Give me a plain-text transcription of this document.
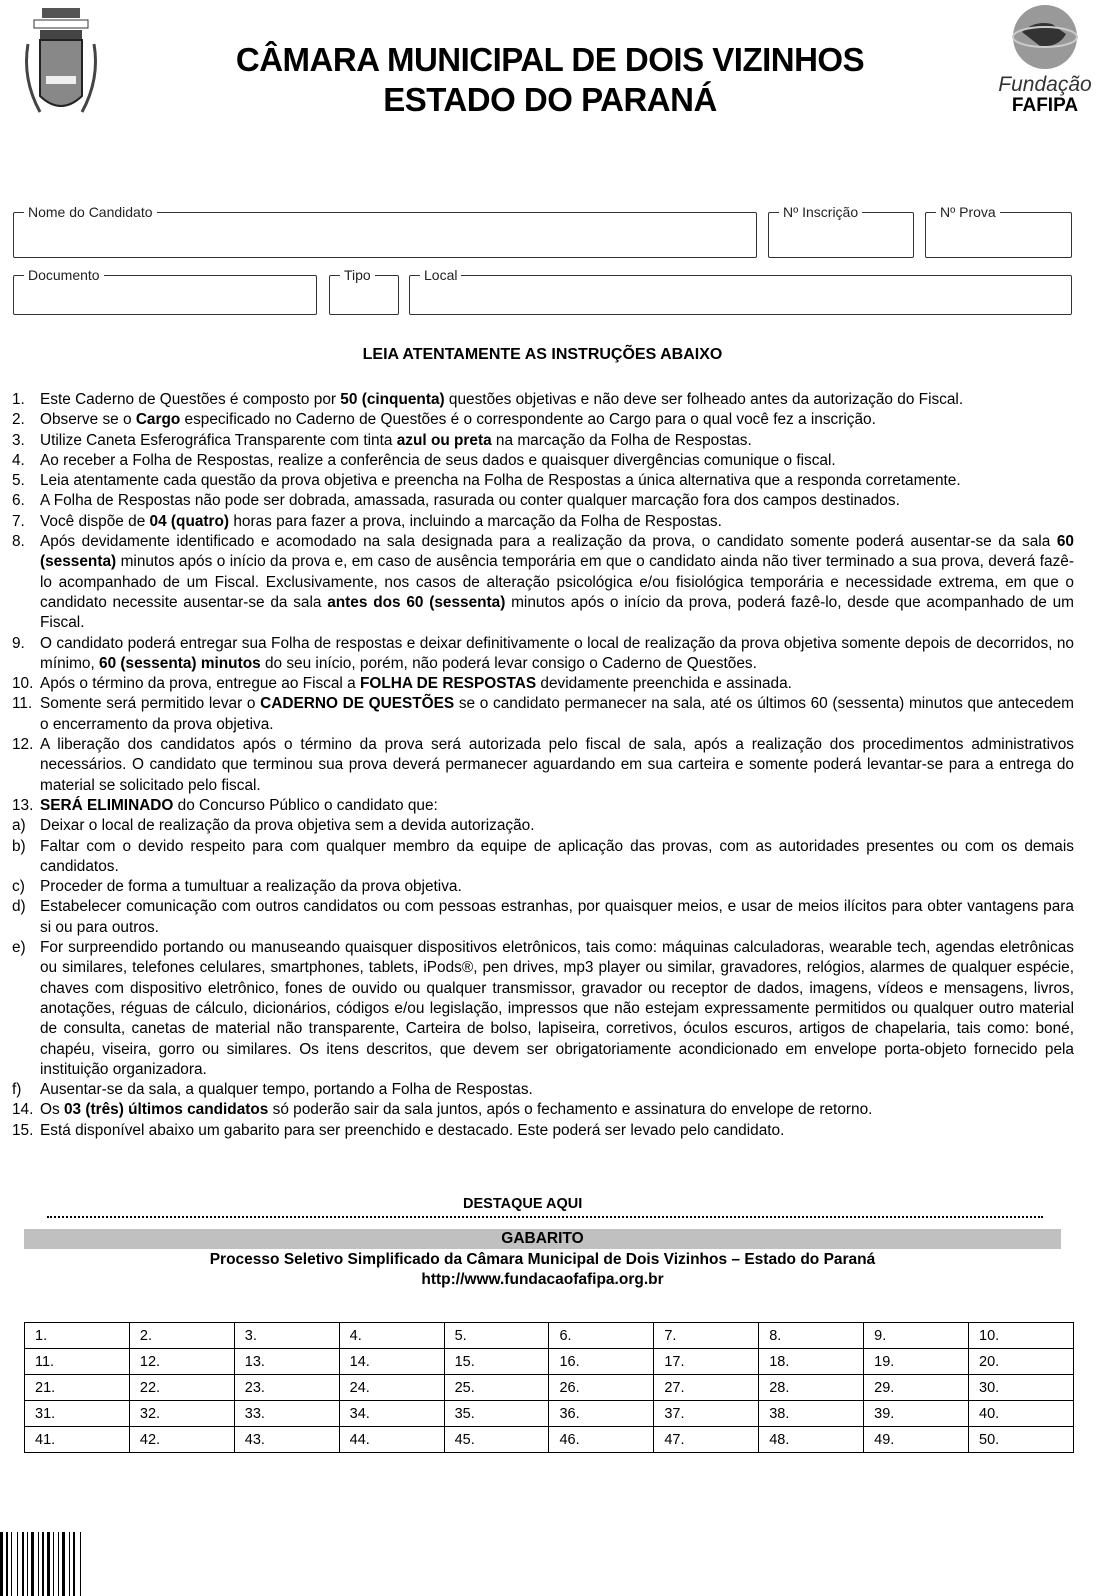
CÂMARA MUNICIPAL DE DOIS VIZINHOS
ESTADO DO PARANÁ	Fundação
FAFIPA
Nome do Candidato	Nº Inscrição	Nº Prova
Documento	Tipo	Local
LEIA ATENTAMENTE AS INSTRUÇÕES ABAIXO
1. Este Caderno de Questões é composto por 50 (cinquenta) questões objetivas e não deve ser folheado antes da autorização do Fiscal.
2. Observe se o Cargo especificado no Caderno de Questões é o correspondente ao Cargo para o qual você fez a inscrição.
3. Utilize Caneta Esferográfica Transparente com tinta azul ou preta na marcação da Folha de Respostas.
4. Ao receber a Folha de Respostas, realize a conferência de seus dados e quaisquer divergências comunique o fiscal.
5. Leia atentamente cada questão da prova objetiva e preencha na Folha de Respostas a única alternativa que a responda corretamente.
6. A Folha de Respostas não pode ser dobrada, amassada, rasurada ou conter qualquer marcação fora dos campos destinados.
7. Você dispõe de 04 (quatro) horas para fazer a prova, incluindo a marcação da Folha de Respostas.
8. Após devidamente identificado e acomodado na sala designada para a realização da prova, o candidato somente poderá ausentar-se da sala 60 (sessenta) minutos após o início da prova e, em caso de ausência temporária em que o candidato ainda não tiver terminado a sua prova, deverá fazê-lo acompanhado de um Fiscal. Exclusivamente, nos casos de alteração psicológica e/ou fisiológica temporária e necessidade extrema, em que o candidato necessite ausentar-se da sala antes dos 60 (sessenta) minutos após o início da prova, poderá fazê-lo, desde que acompanhado de um Fiscal.
9. O candidato poderá entregar sua Folha de respostas e deixar definitivamente o local de realização da prova objetiva somente depois de decorridos, no mínimo, 60 (sessenta) minutos do seu início, porém, não poderá levar consigo o Caderno de Questões.
10. Após o término da prova, entregue ao Fiscal a FOLHA DE RESPOSTAS devidamente preenchida e assinada.
11. Somente será permitido levar o CADERNO DE QUESTÕES se o candidato permanecer na sala, até os últimos 60 (sessenta) minutos que antecedem o encerramento da prova objetiva.
12. A liberação dos candidatos após o término da prova será autorizada pelo fiscal de sala, após a realização dos procedimentos administrativos necessários. O candidato que terminou sua prova deverá permanecer aguardando em sua carteira e somente poderá levantar-se para a entrega do material se solicitado pelo fiscal.
13. SERÁ ELIMINADO do Concurso Público o candidato que:
a) Deixar o local de realização da prova objetiva sem a devida autorização.
b) Faltar com o devido respeito para com qualquer membro da equipe de aplicação das provas, com as autoridades presentes ou com os demais candidatos.
c) Proceder de forma a tumultuar a realização da prova objetiva.
d) Estabelecer comunicação com outros candidatos ou com pessoas estranhas, por quaisquer meios, e usar de meios ilícitos para obter vantagens para si ou para outros.
e) For surpreendido portando ou manuseando quaisquer dispositivos eletrônicos, tais como: máquinas calculadoras, wearable tech, agendas eletrônicas ou similares, telefones celulares, smartphones, tablets, iPods®, pen drives, mp3 player ou similar, gravadores, relógios, alarmes de qualquer espécie, chaves com dispositivo eletrônico, fones de ouvido ou qualquer transmissor, gravador ou receptor de dados, imagens, vídeos e mensagens, livros, anotações, réguas de cálculo, dicionários, códigos e/ou legislação, impressos que não estejam expressamente permitidos ou qualquer outro material de consulta, canetas de material não transparente, Carteira de bolso, lapiseira, corretivos, óculos escuros, artigos de chapelaria, tais como: boné, chapéu, viseira, gorro ou similares. Os itens descritos, que devem ser obrigatoriamente acondicionado em envelope porta-objeto fornecido pela instituição organizadora.
f)	Ausentar-se da sala, a qualquer tempo, portando a Folha de Respostas.
14. Os 03 (três) últimos candidatos só poderão sair da sala juntos, após o fechamento e assinatura do envelope de retorno.
15. Está disponível abaixo um gabarito para ser preenchido e destacado. Este poderá ser levado pelo candidato.
DESTAQUE AQUI
GABARITO
Processo Seletivo Simplificado da Câmara Municipal de Dois Vizinhos – Estado do Paraná
http://www.fundacaofafipa.org.br
1.	2.	3.	4.	5.	6.	7.	8.	9.	10.
11.	12.	13.	14.	15.	16.	17.	18.	19.	20.
21.	22.	23.	24.	25.	26.	27.	28.	29.	30.
31.	32.	33.	34.	35.	36.	37.	38.	39.	40.
41.	42.	43.	44.	45.	46.	47.	48.	49.	50.
